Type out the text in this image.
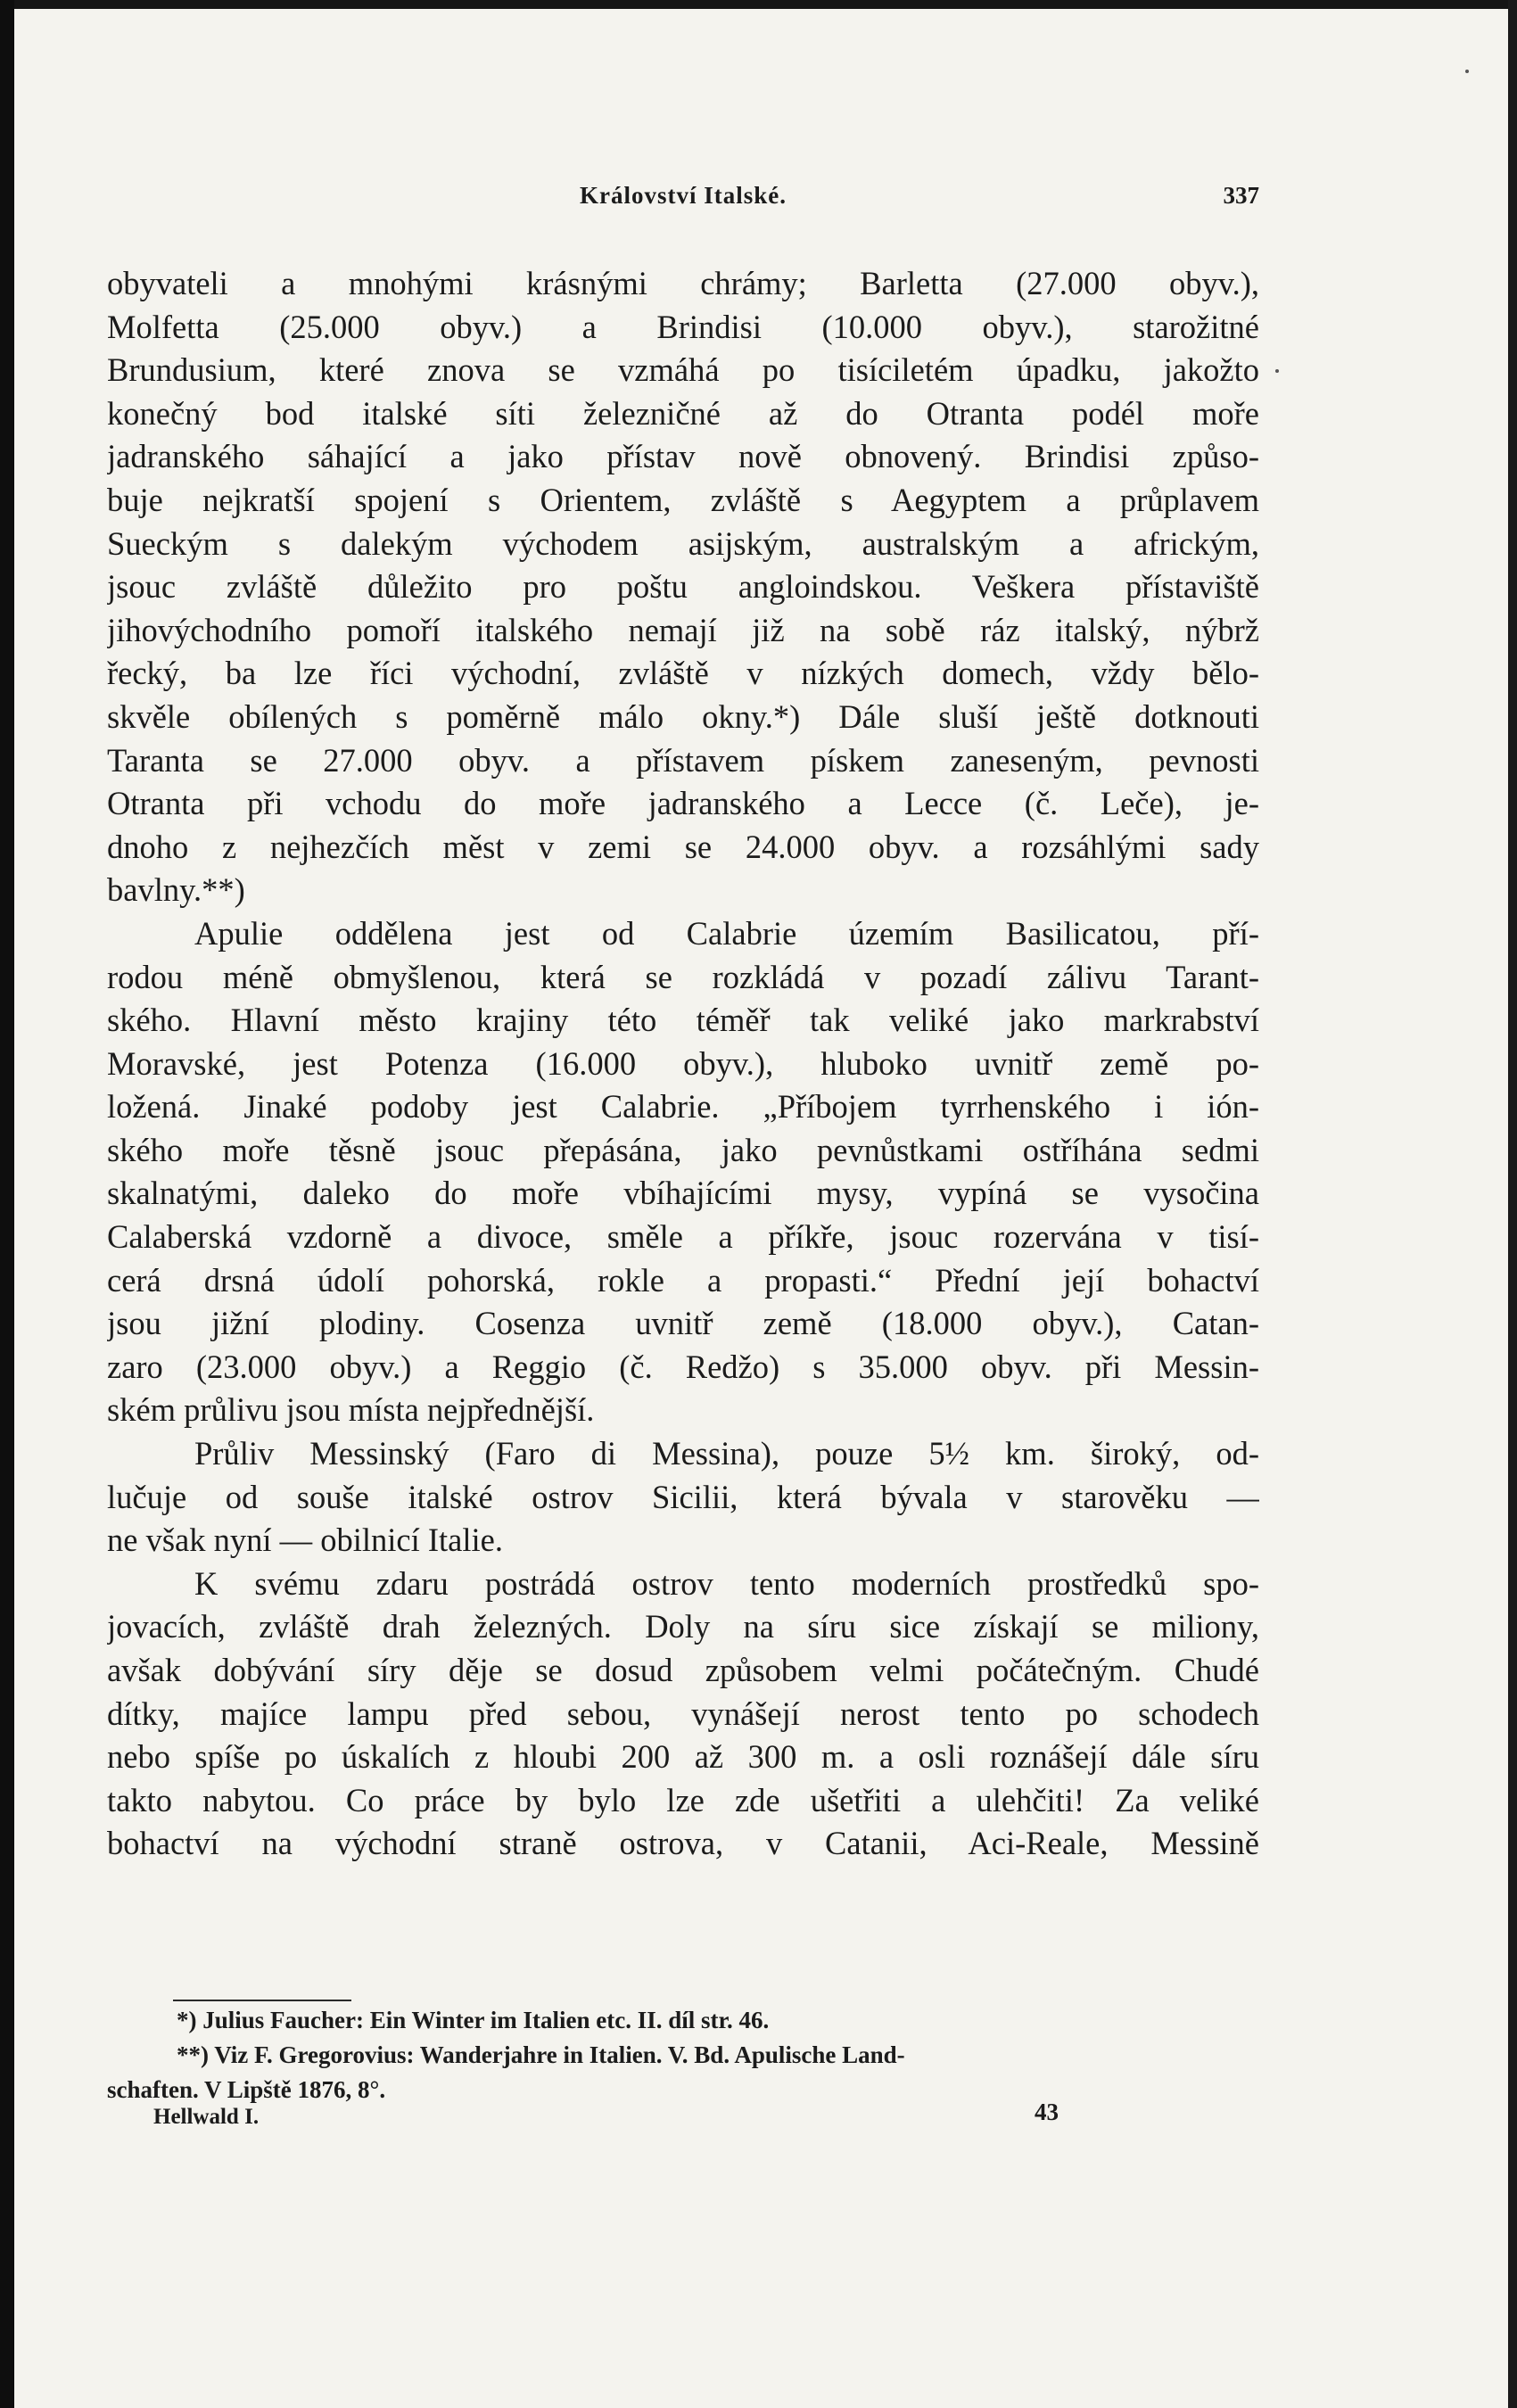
Království Italské.	337
obyvateli a mnohými krásnými chrámy; Barletta (27.000 obyv.),
Molfetta (25.000 obyv.) a Brindisi (10.000 obyv.), starožitné
Brundusium, které znova se vzmáhá po tisíciletém úpadku, jakožto
konečný bod italské síti železničné až do Otranta podél moře
jadranského sáhající a jako přístav nově obnovený. Brindisi způso-
buje nejkratší spojení s Orientem, zvláště s Aegyptem a průplavem
Sueckým s dalekým východem asijským, australským a africkým,
jsouc zvláště důležito pro poštu angloindskou. Veškera přístaviště
jihovýchodního pomoří italského nemají již na sobě ráz italský, nýbrž
řecký, ba lze říci východní, zvláště v nízkých domech, vždy bělo-
skvěle obílených s poměrně málo okny.*) Dále sluší ještě dotknouti
Taranta se 27.000 obyv. a přístavem pískem zaneseným, pevnosti
Otranta při vchodu do moře jadranského a Lecce (č. Leče), je-
dnoho z nejhezčích měst v zemi se 24.000 obyv. a rozsáhlými sady
bavlny.**)
Apulie oddělena jest od Calabrie územím Basilicatou, pří-
rodou méně obmyšlenou, která se rozkládá v pozadí zálivu Tarant-
ského. Hlavní město krajiny této téměř tak veliké jako markrabství
Moravské, jest Potenza (16.000 obyv.), hluboko uvnitř země po-
ložená. Jinaké podoby jest Calabrie. „Příbojem tyrrhenského i ión-
ského moře těsně jsouc přepásána, jako pevnůstkami ostříhána sedmi
skalnatými, daleko do moře vbíhajícími mysy, vypíná se vysočina
Calaberská vzdorně a divoce, směle a příkře, jsouc rozervána v tisí-
cerá drsná údolí pohorská, rokle a propasti.“ Přední její bohactví
jsou jižní plodiny. Cosenza uvnitř země (18.000 obyv.), Catan-
zaro (23.000 obyv.) a Reggio (č. Redžo) s 35.000 obyv. při Messin-
ském průlivu jsou místa nejpřednější.
Průliv Messinský (Faro di Messina), pouze 5½ km. široký, od-
lučuje od souše italské ostrov Sicilii, která bývala v starověku —
ne však nyní — obilnicí Italie.
K svému zdaru postrádá ostrov tento moderních prostředků spo-
jovacích, zvláště drah železných. Doly na síru sice získají se miliony,
avšak dobývání síry děje se dosud způsobem velmi počátečným. Chudé
dítky, majíce lampu před sebou, vynášejí nerost tento po schodech
nebo spíše po úskalích z hloubi 200 až 300 m. a osli roznášejí dále síru
takto nabytou. Co práce by bylo lze zde ušetřiti a ulehčiti! Za veliké
bohactví na východní straně ostrova, v Catanii, Aci-Reale, Messině
*) Julius Faucher: Ein Winter im Italien etc. II. díl str. 46.
**) Viz F. Gregorovius: Wanderjahre in Italien. V. Bd. Apulische Land-
schaften. V Lipště 1876, 8°.
Hellwald I.	43
